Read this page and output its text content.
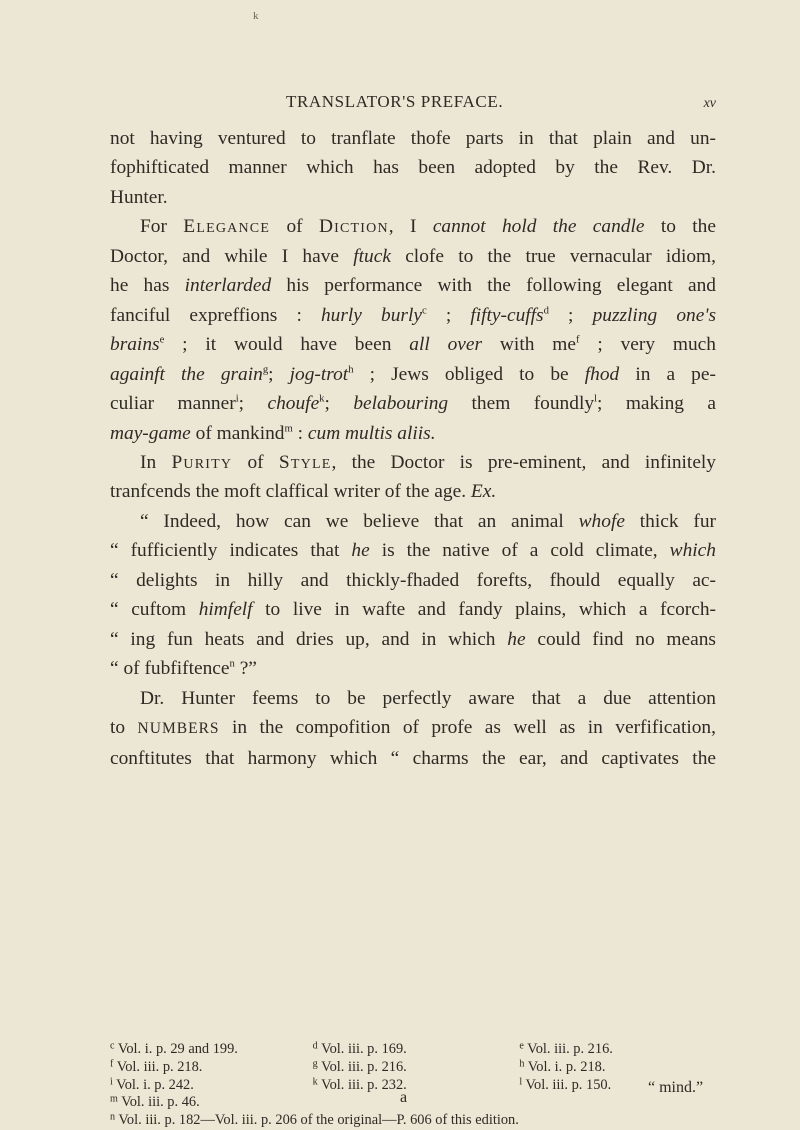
k
TRANSLATOR'S PREFACE.	xv
not having ventured to tranflate thofe parts in that plain and un-
fophifticated manner which has been adopted by the Rev. Dr.
Hunter.
For Elegance of Diction, I cannot hold the candle to the
Doctor, and while I have ftuck clofe to the true vernacular idiom,
he has interlarded his performance with the following elegant and
fanciful expreffions : hurly burly$^c$ ; fifty-cuffs$^d$ ; puzzling one's
brains$^e$ ; it would have been all over with $me^f$ ; very much
againft the grain$^g$; jog-trot$^h$ ; Jews obliged to be fhod in a pe-
culiar manner$^i$; choufe$^k$; belabouring them foundly$^l$; making a
may-game of mankind$^m$ : cum multis aliis.
In Purity of Style, the Doctor is pre-eminent, and infinitely
tranfcends the moft claffical writer of the age. Ex.
“ Indeed, how can we believe that an animal whofe thick fur
“ fufficiently indicates that he is the native of a cold climate, which
“ delights in hilly and thickly-fhaded forefts, fhould equally ac-
“ cuftom himfelf to live in wafte and fandy plains, which a fcorch-
“ ing fun heats and dries up, and in which he could find no means
“ of fubfiftence$^n$ ?”
Dr. Hunter feems to be perfectly aware that a due attention
to NUMBERS in the compofition of profe as well as in verfification,
conftitutes that harmony which “ charms the ear, and captivates the
$^c$ Vol. i. p. 29 and 199.	$^d$ Vol. iii. p. 169.	$^e$ Vol. iii. p. 216.
$^f$ Vol. iii. p. 218.	$^g$ Vol. iii. p. 216.	$^h$ Vol. i. p. 218.
$^i$ Vol. i. p. 242.	$^k$ Vol. iii. p. 232.	$^l$ Vol. iii. p. 150.
$^m$ Vol. iii. p. 46.
$^n$ Vol. iii. p. 182—Vol. iii. p. 206 of the original—P. 606 of this edition.
“ mind.”
a
